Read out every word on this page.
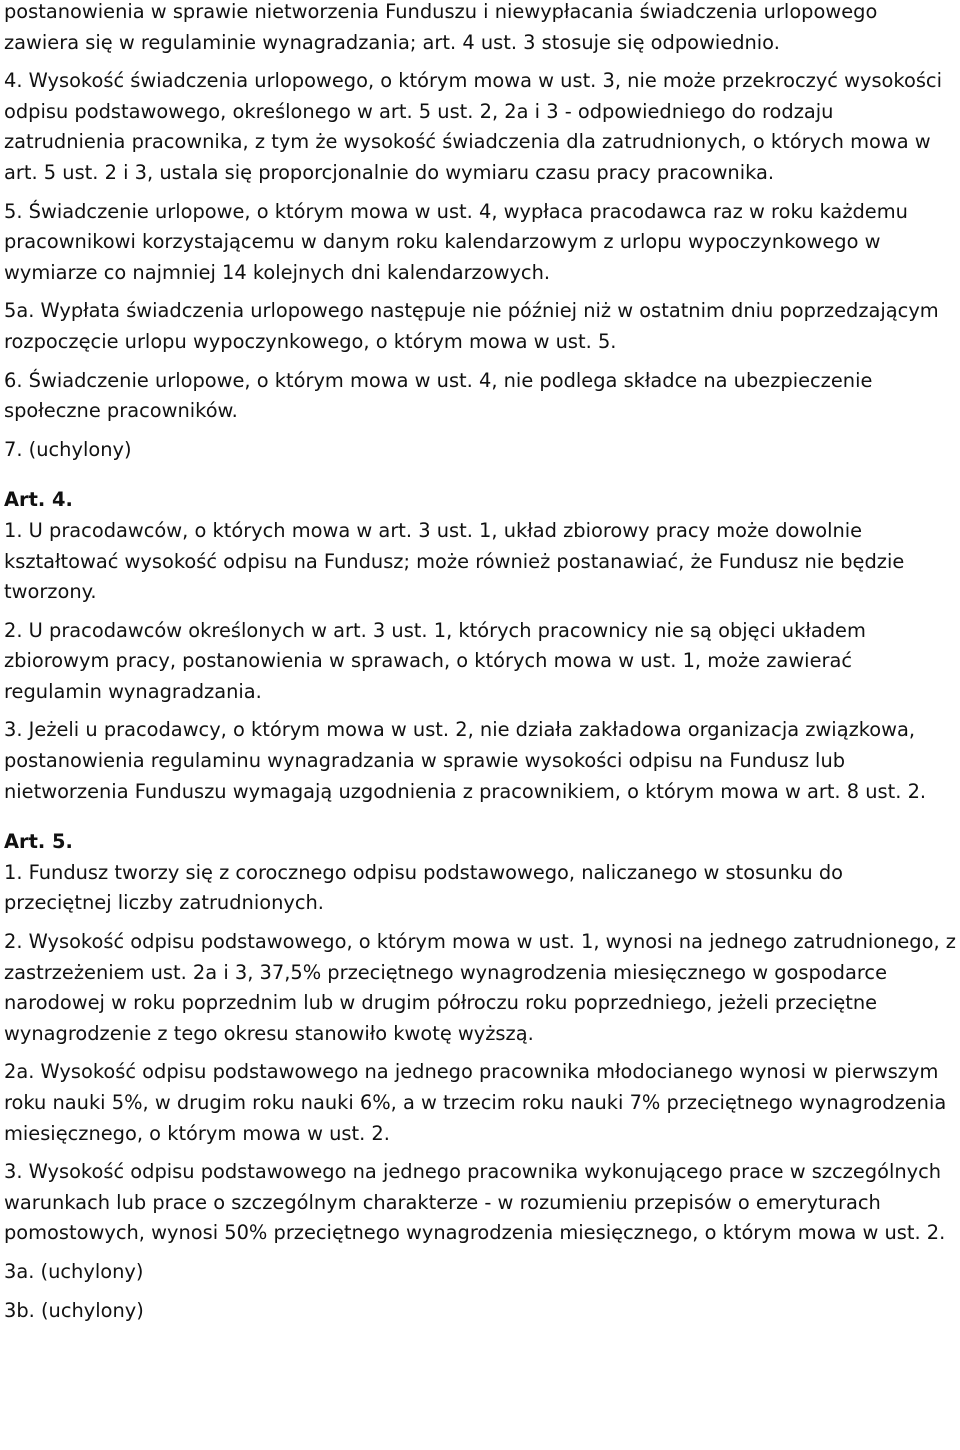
postanowienia w sprawie nietworzenia Funduszu i niewypłacania świadczenia urlopowego zawiera się w regulaminie wynagradzania; art. 4 ust. 3 stosuje się odpowiednio.

4. Wysokość świadczenia urlopowego, o którym mowa w ust. 3, nie może przekroczyć wysokości odpisu podstawowego, określonego w art. 5 ust. 2, 2a i 3 - odpowiedniego do rodzaju zatrudnienia pracownika, z tym że wysokość świadczenia dla zatrudnionych, o których mowa w art. 5 ust. 2 i 3, ustala się proporcjonalnie do wymiaru czasu pracy pracownika.

5. Świadczenie urlopowe, o którym mowa w ust. 4, wypłaca pracodawca raz w roku każdemu pracownikowi korzystającemu w danym roku kalendarzowym z urlopu wypoczynkowego w wymiarze co najmniej 14 kolejnych dni kalendarzowych.

5a. Wypłata świadczenia urlopowego następuje nie później niż w ostatnim dniu poprzedzającym rozpoczęcie urlopu wypoczynkowego, o którym mowa w ust. 5.

6. Świadczenie urlopowe, o którym mowa w ust. 4, nie podlega składce na ubezpieczenie społeczne pracowników.

7. (uchylony)

Art. 4.

1. U pracodawców, o których mowa w art. 3 ust. 1, układ zbiorowy pracy może dowolnie kształtować wysokość odpisu na Fundusz; może również postanawiać, że Fundusz nie będzie tworzony.

2. U pracodawców określonych w art. 3 ust. 1, których pracownicy nie są objęci układem zbiorowym pracy, postanowienia w sprawach, o których mowa w ust. 1, może zawierać regulamin wynagradzania.

3. Jeżeli u pracodawcy, o którym mowa w ust. 2, nie działa zakładowa organizacja związkowa, postanowienia regulaminu wynagradzania w sprawie wysokości odpisu na Fundusz lub nietworzenia Funduszu wymagają uzgodnienia z pracownikiem, o którym mowa w art. 8 ust. 2.

Art. 5.

1. Fundusz tworzy się z corocznego odpisu podstawowego, naliczanego w stosunku do przeciętnej liczby zatrudnionych.

2. Wysokość odpisu podstawowego, o którym mowa w ust. 1, wynosi na jednego zatrudnionego, z zastrzeżeniem ust. 2a i 3, 37,5% przeciętnego wynagrodzenia miesięcznego w gospodarce narodowej w roku poprzednim lub w drugim półroczu roku poprzedniego, jeżeli przeciętne wynagrodzenie z tego okresu stanowiło kwotę wyższą.

2a. Wysokość odpisu podstawowego na jednego pracownika młodocianego wynosi w pierwszym roku nauki 5%, w drugim roku nauki 6%, a w trzecim roku nauki 7% przeciętnego wynagrodzenia miesięcznego, o którym mowa w ust. 2.

3. Wysokość odpisu podstawowego na jednego pracownika wykonującego prace w szczególnych warunkach lub prace o szczególnym charakterze - w rozumieniu przepisów o emeryturach pomostowych, wynosi 50% przeciętnego wynagrodzenia miesięcznego, o którym mowa w ust. 2.

3a. (uchylony)

3b. (uchylony)
